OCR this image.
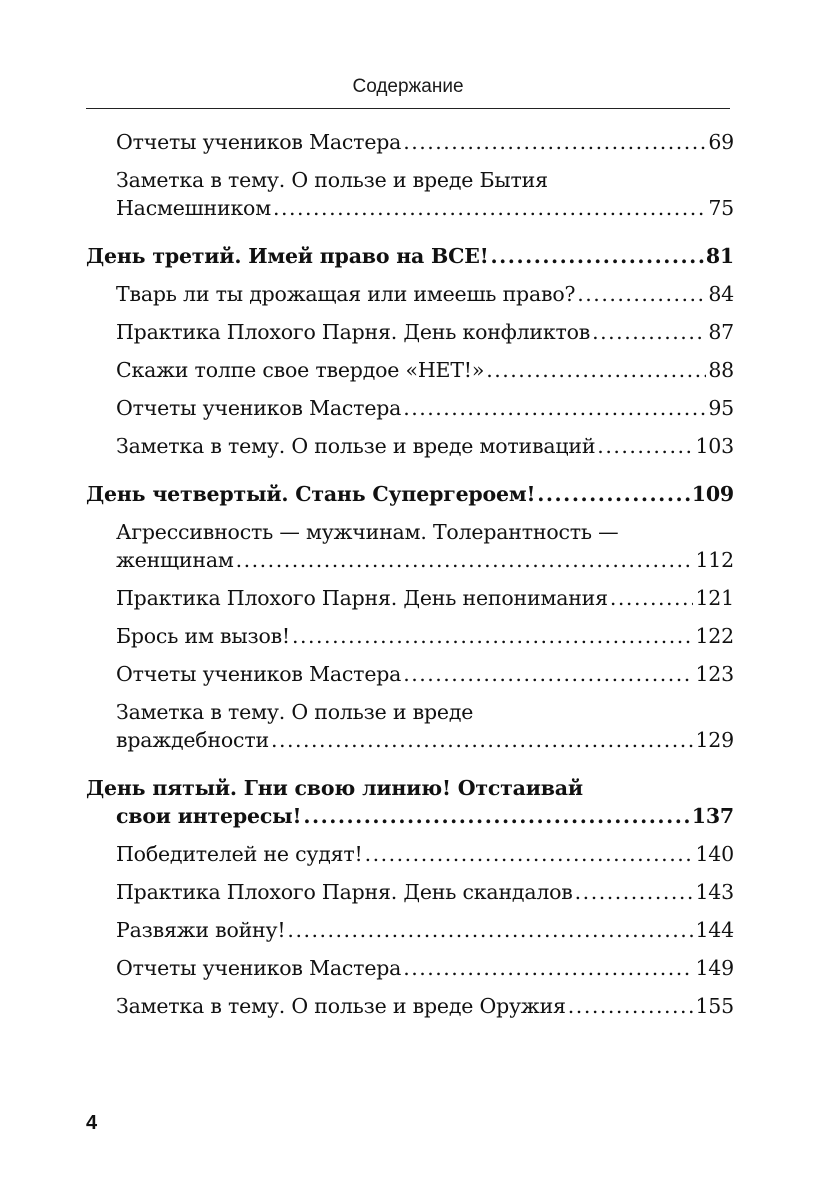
Содержание
Отчеты учеников Мастера .....	69
Заметка в тему. О пользе и вреде Бытия
Насмешником .....	75
День третий. Имей право на ВСЕ! .....	81
Тварь ли ты дрожащая или имеешь право? .....	84
Практика Плохого Парня. День конфликтов .....	87
Скажи толпе свое твердое «НЕТ!» .....	88
Отчеты учеников Мастера .....	95
Заметка в тему. О пользе и вреде мотиваций .....	103
День четвертый. Стань Супергероем! .....	109
Агрессивность — мужчинам. Толерантность —
женщинам .....	112
Практика Плохого Парня. День непонимания .....	121
Брось им вызов! .....	122
Отчеты учеников Мастера .....	123
Заметка в тему. О пользе и вреде
враждебности .....	129
День пятый. Гни свою линию! Отстаивай
свои интересы! .....	137
Победителей не судят! .....	140
Практика Плохого Парня. День скандалов .....	143
Развяжи войну! .....	144
Отчеты учеников Мастера .....	149
Заметка в тему. О пользе и вреде Оружия .....	155
4
